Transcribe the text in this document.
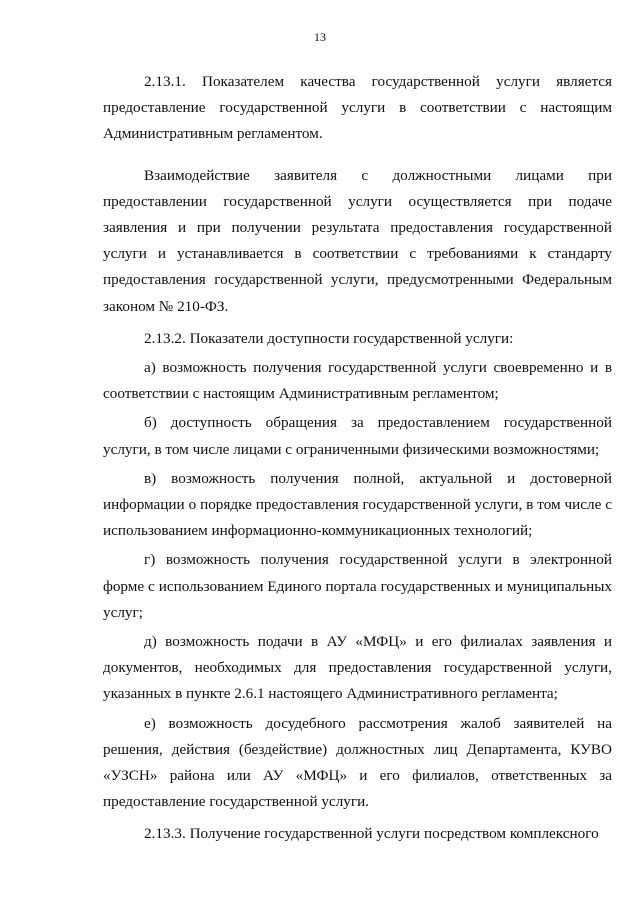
13

2.13.1. Показателем качества государственной услуги является предоставление государственной услуги в соответствии с настоящим Административным регламентом.

Взаимодействие заявителя с должностными лицами при предоставлении государственной услуги осуществляется при подаче заявления и при получении результата предоставления государственной услуги и устанавливается в соответствии с требованиями к стандарту предоставления государственной услуги, предусмотренными Федеральным законом № 210-ФЗ.

2.13.2. Показатели доступности государственной услуги:

а) возможность получения государственной услуги своевременно и в соответствии с настоящим Административным регламентом;

б) доступность обращения за предоставлением государственной услуги, в том числе лицами с ограниченными физическими возможностями;

в) возможность получения полной, актуальной и достоверной информации о порядке предоставления государственной услуги, в том числе с использованием информационно-коммуникационных технологий;

г) возможность получения государственной услуги в электронной форме с использованием Единого портала государственных и муниципальных услуг;

д) возможность подачи в АУ «МФЦ» и его филиалах заявления и документов, необходимых для предоставления государственной услуги, указанных в пункте 2.6.1 настоящего Административного регламента;

е) возможность досудебного рассмотрения жалоб заявителей на решения, действия (бездействие) должностных лиц Департамента, КУВО «УЗСН» района или АУ «МФЦ» и его филиалов, ответственных за предоставление государственной услуги.

2.13.3. Получение государственной услуги посредством комплексного
